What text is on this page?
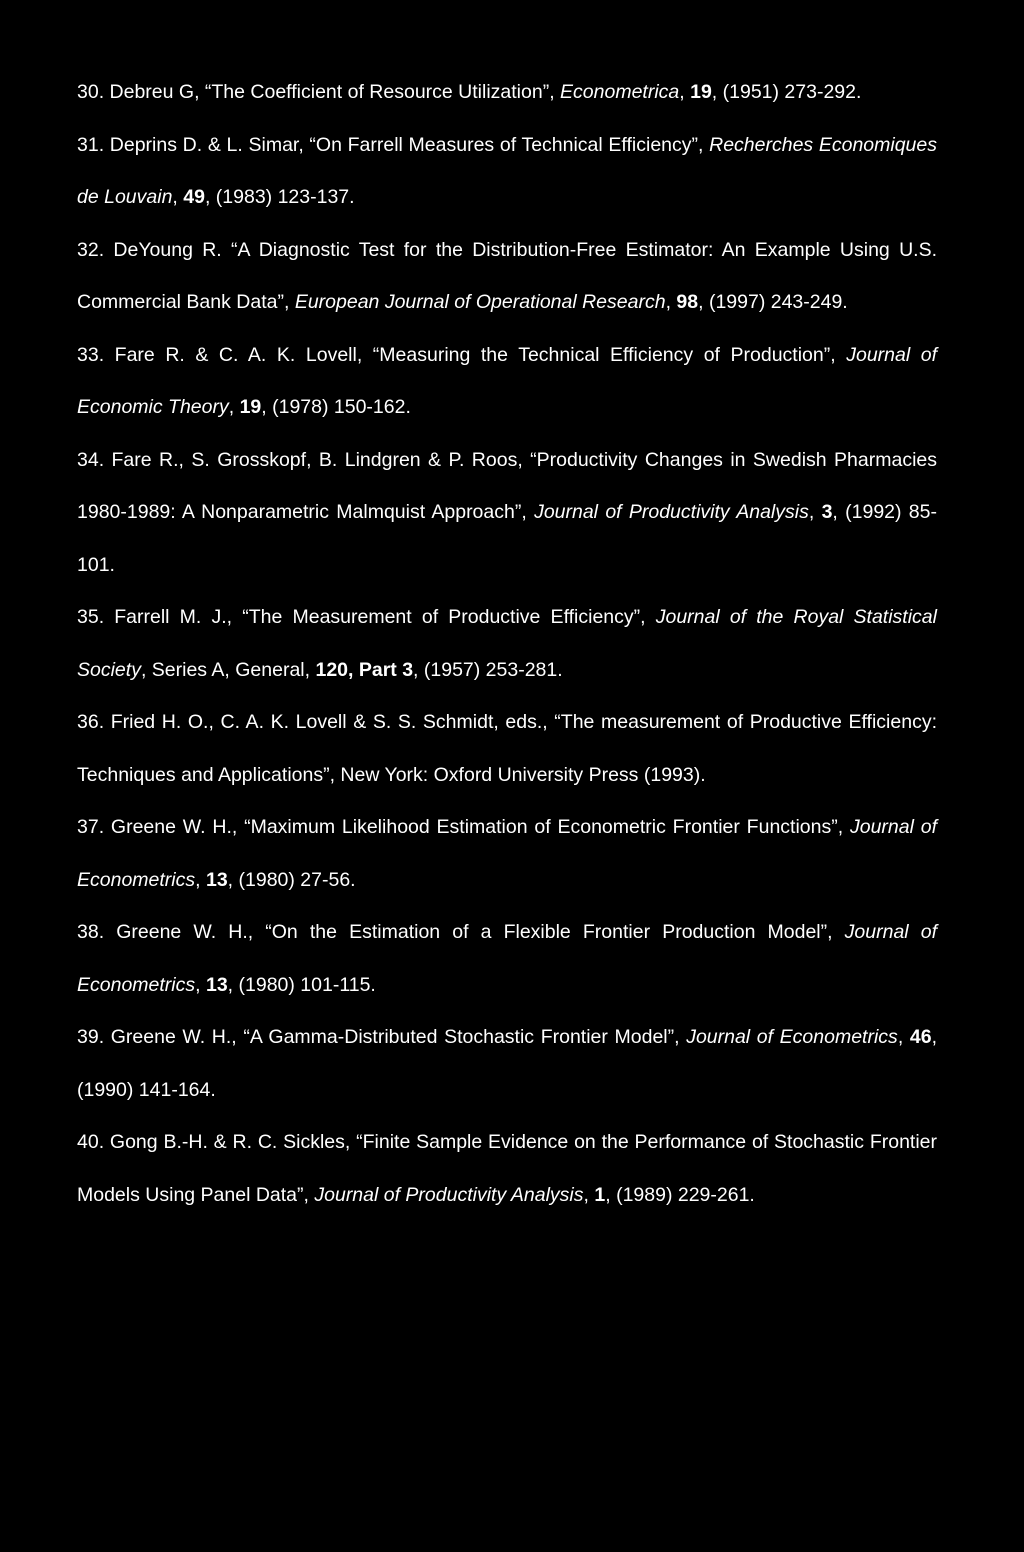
30. Debreu G, “The Coefficient of Resource Utilization”, Econometrica, 19, (1951) 273-292.

31. Deprins D. & L. Simar, “On Farrell Measures of Technical Efficiency”, Recherches Economiques de Louvain, 49, (1983) 123-137.

32. DeYoung R. “A Diagnostic Test for the Distribution-Free Estimator: An Example Using U.S. Commercial Bank Data”, European Journal of Operational Research, 98, (1997) 243-249.

33. Fare R. & C. A. K. Lovell, “Measuring the Technical Efficiency of Production”, Journal of Economic Theory, 19, (1978) 150-162.

34. Fare R., S. Grosskopf, B. Lindgren & P. Roos, “Productivity Changes in Swedish Pharmacies 1980-1989: A Nonparametric Malmquist Approach”, Journal of Productivity Analysis, 3, (1992) 85-101.

35. Farrell M. J., “The Measurement of Productive Efficiency”, Journal of the Royal Statistical Society, Series A, General, 120, Part 3, (1957) 253-281.

36. Fried H. O., C. A. K. Lovell & S. S. Schmidt, eds., “The measurement of Productive Efficiency: Techniques and Applications”, New York: Oxford University Press (1993).

37. Greene W. H., “Maximum Likelihood Estimation of Econometric Frontier Functions”, Journal of Econometrics, 13, (1980) 27-56.

38. Greene W. H., “On the Estimation of a Flexible Frontier Production Model”, Journal of Econometrics, 13, (1980) 101-115.

39. Greene W. H., “A Gamma-Distributed Stochastic Frontier Model”, Journal of Econometrics, 46, (1990) 141-164.

40. Gong B.-H. & R. C. Sickles, “Finite Sample Evidence on the Performance of Stochastic Frontier Models Using Panel Data”, Journal of Productivity Analysis, 1, (1989) 229-261.
